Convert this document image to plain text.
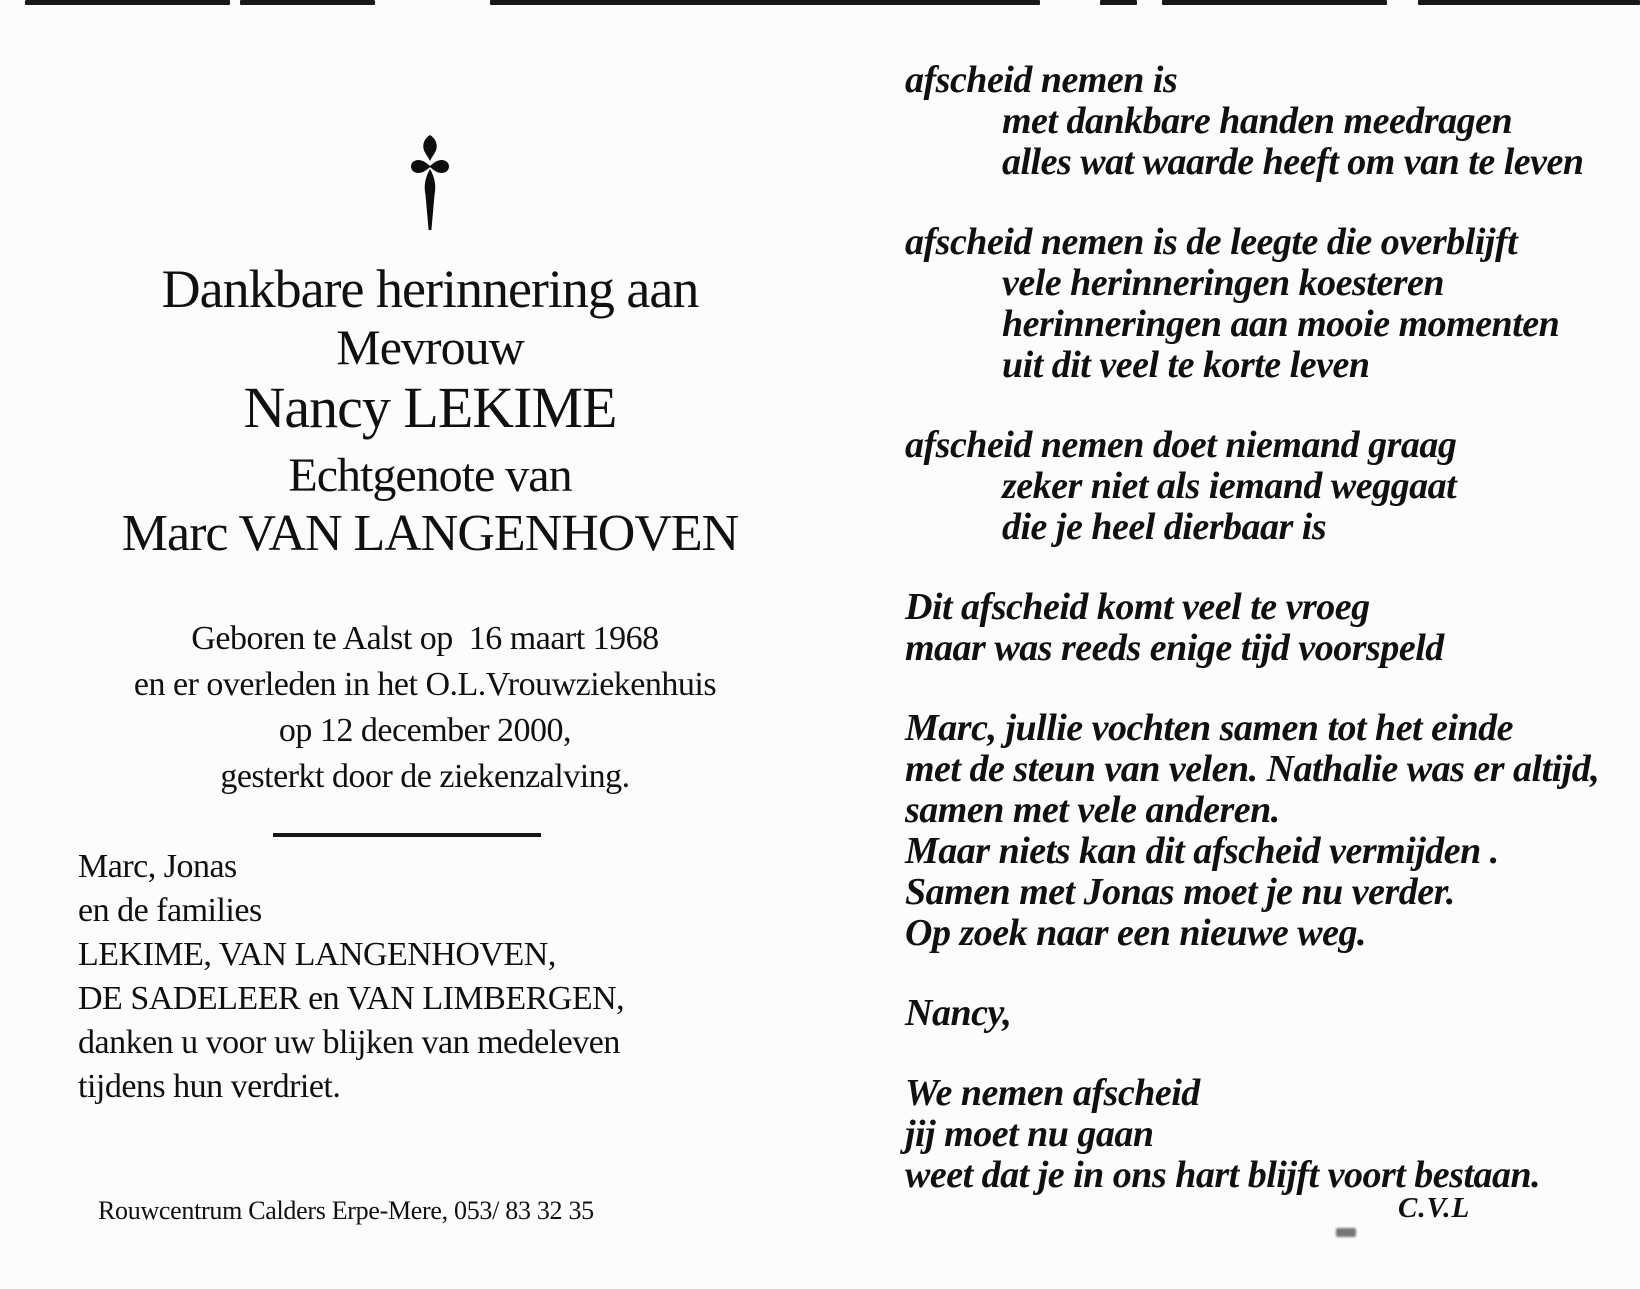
Dankbare herinnering aan
Mevrouw
Nancy LEKIME
Echtgenote van
Marc VAN LANGENHOVEN

Geboren te Aalst op  16 maart 1968

en er overleden in het O.L.Vrouwziekenhuis

op 12 december 2000,

gesterkt door de ziekenzalving.

Marc, Jonas

en de families

LEKIME, VAN LANGENHOVEN,

DE SADELEER en VAN LIMBERGEN,

danken u voor uw blijken van medeleven

tijdens hun verdriet.

Rouwcentrum Calders Erpe-Mere, 053/ 83 32 35

afscheid nemen is

met dankbare handen meedragen

alles wat waarde heeft om van te leven

afscheid nemen is de leegte die overblijft

vele herinneringen koesteren

herinneringen aan mooie momenten

uit dit veel te korte leven

afscheid nemen doet niemand graag

zeker niet als iemand weggaat

die je heel dierbaar is

Dit afscheid komt veel te vroeg

maar was reeds enige tijd voorspeld

Marc, jullie vochten samen tot het einde

met de steun van velen. Nathalie was er altijd,

samen met vele anderen.

Maar niets kan dit afscheid vermijden .

Samen met Jonas moet je nu verder.

Op zoek naar een nieuwe weg.

Nancy,

We nemen afscheid

jij moet nu gaan

weet dat je in ons hart blijft voort bestaan.

C.V.L
